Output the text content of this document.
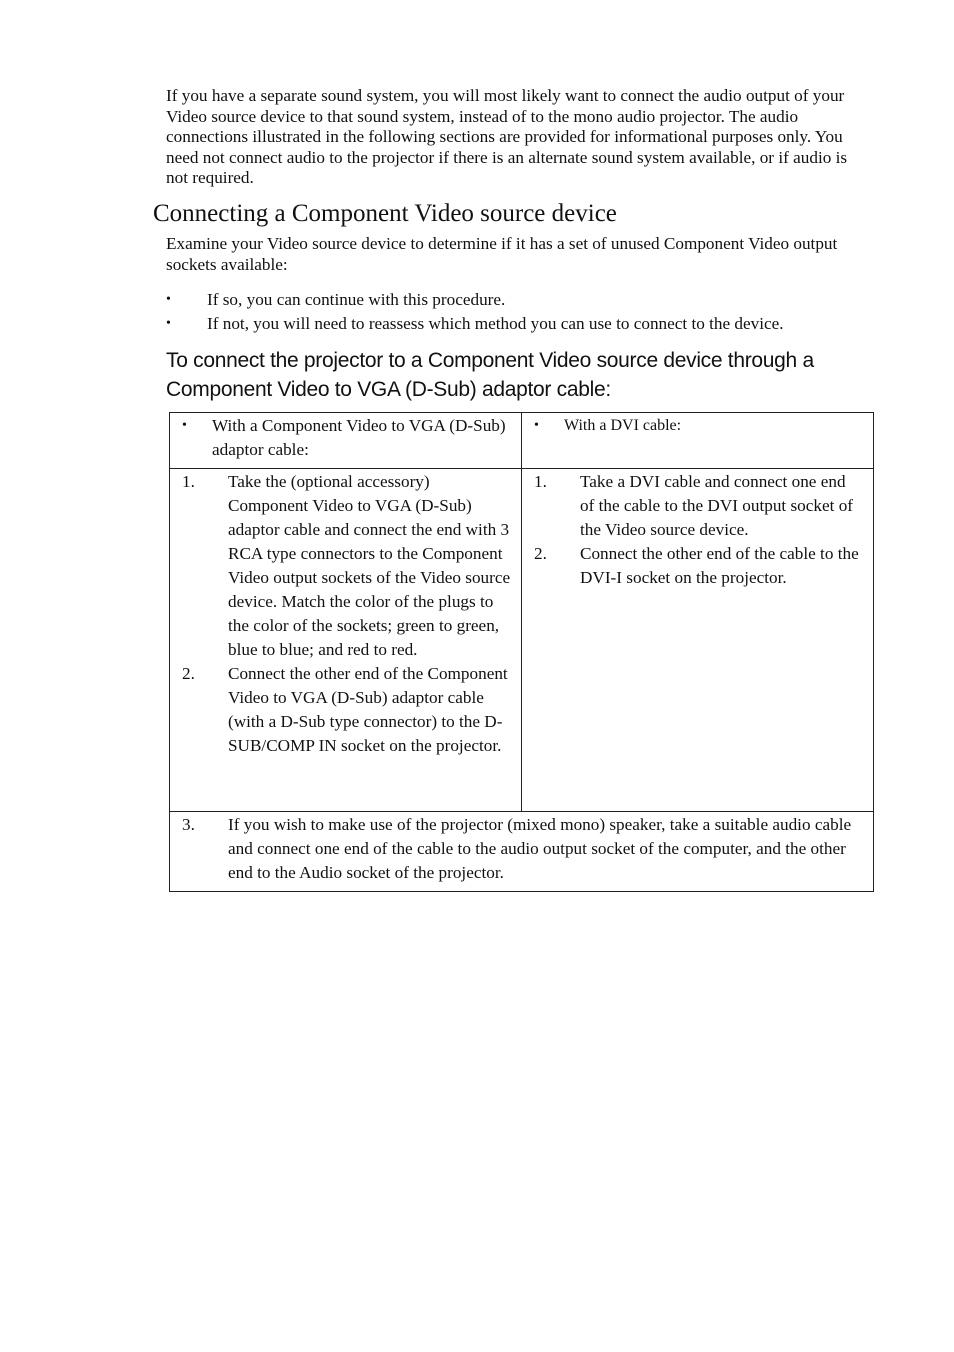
If you have a separate sound system, you will most likely want to connect the audio output of your Video source device to that sound system, instead of to the mono audio projector. The audio connections illustrated in the following sections are provided for informational purposes only. You need not connect audio to the projector if there is an alternate sound system available, or if audio is not required.
Connecting a Component Video source device
Examine your Video source device to determine if it has a set of unused Component Video output sockets available:
• If so, you can continue with this procedure.
• If not, you will need to reassess which method you can use to connect to the device.
To connect the projector to a Component Video source device through a Component Video to VGA (D-Sub) adaptor cable:
• With a Component Video to VGA (D-Sub) adaptor cable:
• With a DVI cable:
1. Take the (optional accessory) Component Video to VGA (D-Sub) adaptor cable and connect the end with 3 RCA type connectors to the Component Video output sockets of the Video source device. Match the color of the plugs to the color of the sockets; green to green, blue to blue; and red to red.
2. Connect the other end of the Component Video to VGA (D-Sub) adaptor cable (with a D-Sub type connector) to the D-SUB/COMP IN socket on the projector.
1. Take a DVI cable and connect one end of the cable to the DVI output socket of the Video source device.
2. Connect the other end of the cable to the DVI-I socket on the projector.
3. If you wish to make use of the projector (mixed mono) speaker, take a suitable audio cable and connect one end of the cable to the audio output socket of the computer, and the other end to the Audio socket of the projector.
